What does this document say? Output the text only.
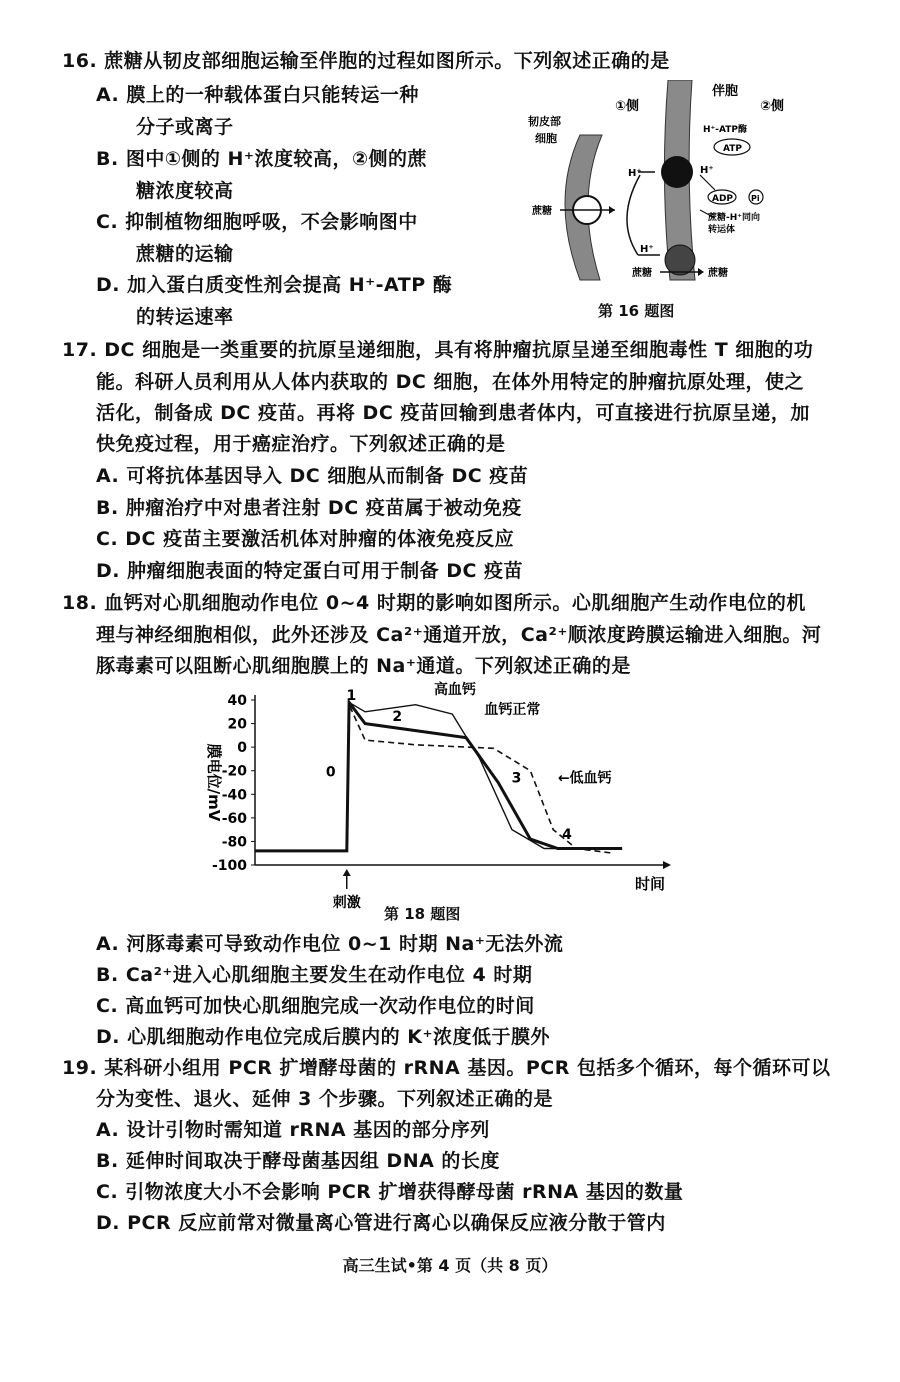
16. 蔗糖从韧皮部细胞运输至伴胞的过程如图所示。下列叙述正确的是
A. 膜上的一种载体蛋白只能转运一种
分子或离子
B. 图中①侧的 H⁺浓度较高，②侧的蔗
糖浓度较高
C. 抑制植物细胞呼吸，不会影响图中
蔗糖的运输
D. 加入蛋白质变性剂会提高 H⁺-ATP 酶
的转运速率
①侧
伴胞
②侧
韧皮部
细胞
H⁺-ATP酶
ATP
ADP Pi
H⁺	H⁺
H⁺
蔗糖
蔗糖	蔗糖
蔗糖-H⁺同向
转运体
第 16 题图
17. DC 细胞是一类重要的抗原呈递细胞，具有将肿瘤抗原呈递至细胞毒性 T 细胞的功
能。科研人员利用从人体内获取的 DC 细胞，在体外用特定的肿瘤抗原处理，使之
活化，制备成 DC 疫苗。再将 DC 疫苗回输到患者体内，可直接进行抗原呈递，加
快免疫过程，用于癌症治疗。下列叙述正确的是
A. 可将抗体基因导入 DC 细胞从而制备 DC 疫苗
B. 肿瘤治疗中对患者注射 DC 疫苗属于被动免疫
C. DC 疫苗主要激活机体对肿瘤的体液免疫反应
D. 肿瘤细胞表面的特定蛋白可用于制备 DC 疫苗
18. 血钙对心肌细胞动作电位 0~4 时期的影响如图所示。心肌细胞产生动作电位的机
理与神经细胞相似，此外还涉及 Ca²⁺通道开放，Ca²⁺顺浓度跨膜运输进入细胞。河
豚毒素可以阻断心肌细胞膜上的 Na⁺通道。下列叙述正确的是
40
20
0
-20
-40
-60
-80
-100
膜电位/mV
时间
刺激
高血钙
血钙正常
←低血钙
0
1
2
3
4
第 18 题图
A. 河豚毒素可导致动作电位 0~1 时期 Na⁺无法外流
B. Ca²⁺进入心肌细胞主要发生在动作电位 4 时期
C. 高血钙可加快心肌细胞完成一次动作电位的时间
D. 心肌细胞动作电位完成后膜内的 K⁺浓度低于膜外
19. 某科研小组用 PCR 扩增酵母菌的 rRNA 基因。PCR 包括多个循环，每个循环可以
分为变性、退火、延伸 3 个步骤。下列叙述正确的是
A. 设计引物时需知道 rRNA 基因的部分序列
B. 延伸时间取决于酵母菌基因组 DNA 的长度
C. 引物浓度大小不会影响 PCR 扩增获得酵母菌 rRNA 基因的数量
D. PCR 反应前常对微量离心管进行离心以确保反应液分散于管内
高三生试•第 4 页（共 8 页）
